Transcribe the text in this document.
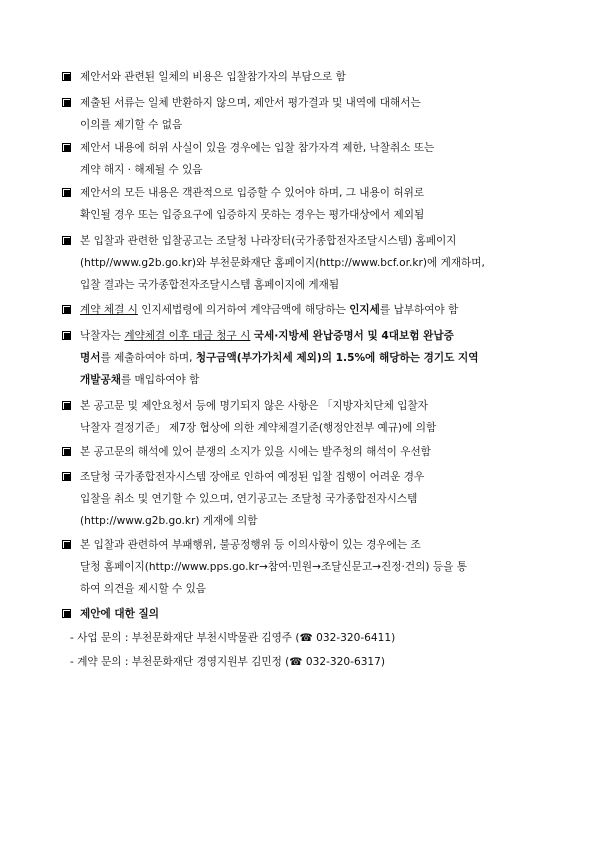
제안서와 관련된 일체의 비용은 입찰참가자의 부담으로 함
제출된 서류는 일체 반환하지 않으며, 제안서 평가결과 및 내역에 대해서는
이의를 제기할 수 없음
제안서 내용에 허위 사실이 있을 경우에는 입찰 참가자격 제한, 낙찰취소 또는
계약 해지 · 해제될 수 있음
제안서의 모든 내용은 객관적으로 입증할 수 있어야 하며, 그 내용이 허위로
확인될 경우 또는 입증요구에 입증하지 못하는 경우는 평가대상에서 제외됨
본 입찰과 관련한 입찰공고는 조달청 나라장터(국가종합전자조달시스템) 홈페이지
(http//www.g2b.go.kr)와 부천문화재단 홈페이지(http://www.bcf.or.kr)에 게재하며,
입찰 결과는 국가종합전자조달시스템 홈페이지에 게재됨
계약 체결 시 인지세법령에 의거하여 계약금액에 해당하는 인지세를 납부하여야 함
낙찰자는 계약체결 이후 대금 청구 시 국세·지방세 완납증명서 및 4대보험 완납증
명서를 제출하여야 하며, 청구금액(부가가치세 제외)의 1.5%에 해당하는 경기도 지역
개발공채를 매입하여야 함
본 공고문 및 제안요청서 등에 명기되지 않은 사항은 「지방자치단체 입찰자
낙찰자 결정기준」 제7장 협상에 의한 계약체결기준(행정안전부 예규)에 의함
본 공고문의 해석에 있어 분쟁의 소지가 있을 시에는 발주청의 해석이 우선함
조달청 국가종합전자시스템 장애로 인하여 예정된 입찰 집행이 어려운 경우
입찰을 취소 및 연기할 수 있으며, 연기공고는 조달청 국가종합전자시스템
(http://www.g2b.go.kr) 게재에 의함
본 입찰과 관련하여 부패행위, 불공정행위 등 이의사항이 있는 경우에는 조
달청 홈페이지(http://www.pps.go.kr→참여·민원→조달신문고→진정·건의) 등을 통
하여 의견을 제시할 수 있음
제안에 대한 질의
- 사업 문의 : 부천문화재단 부천시박물관 김영주 (☎ 032-320-6411)
- 계약 문의 : 부천문화재단 경영지원부 김민정 (☎ 032-320-6317)
